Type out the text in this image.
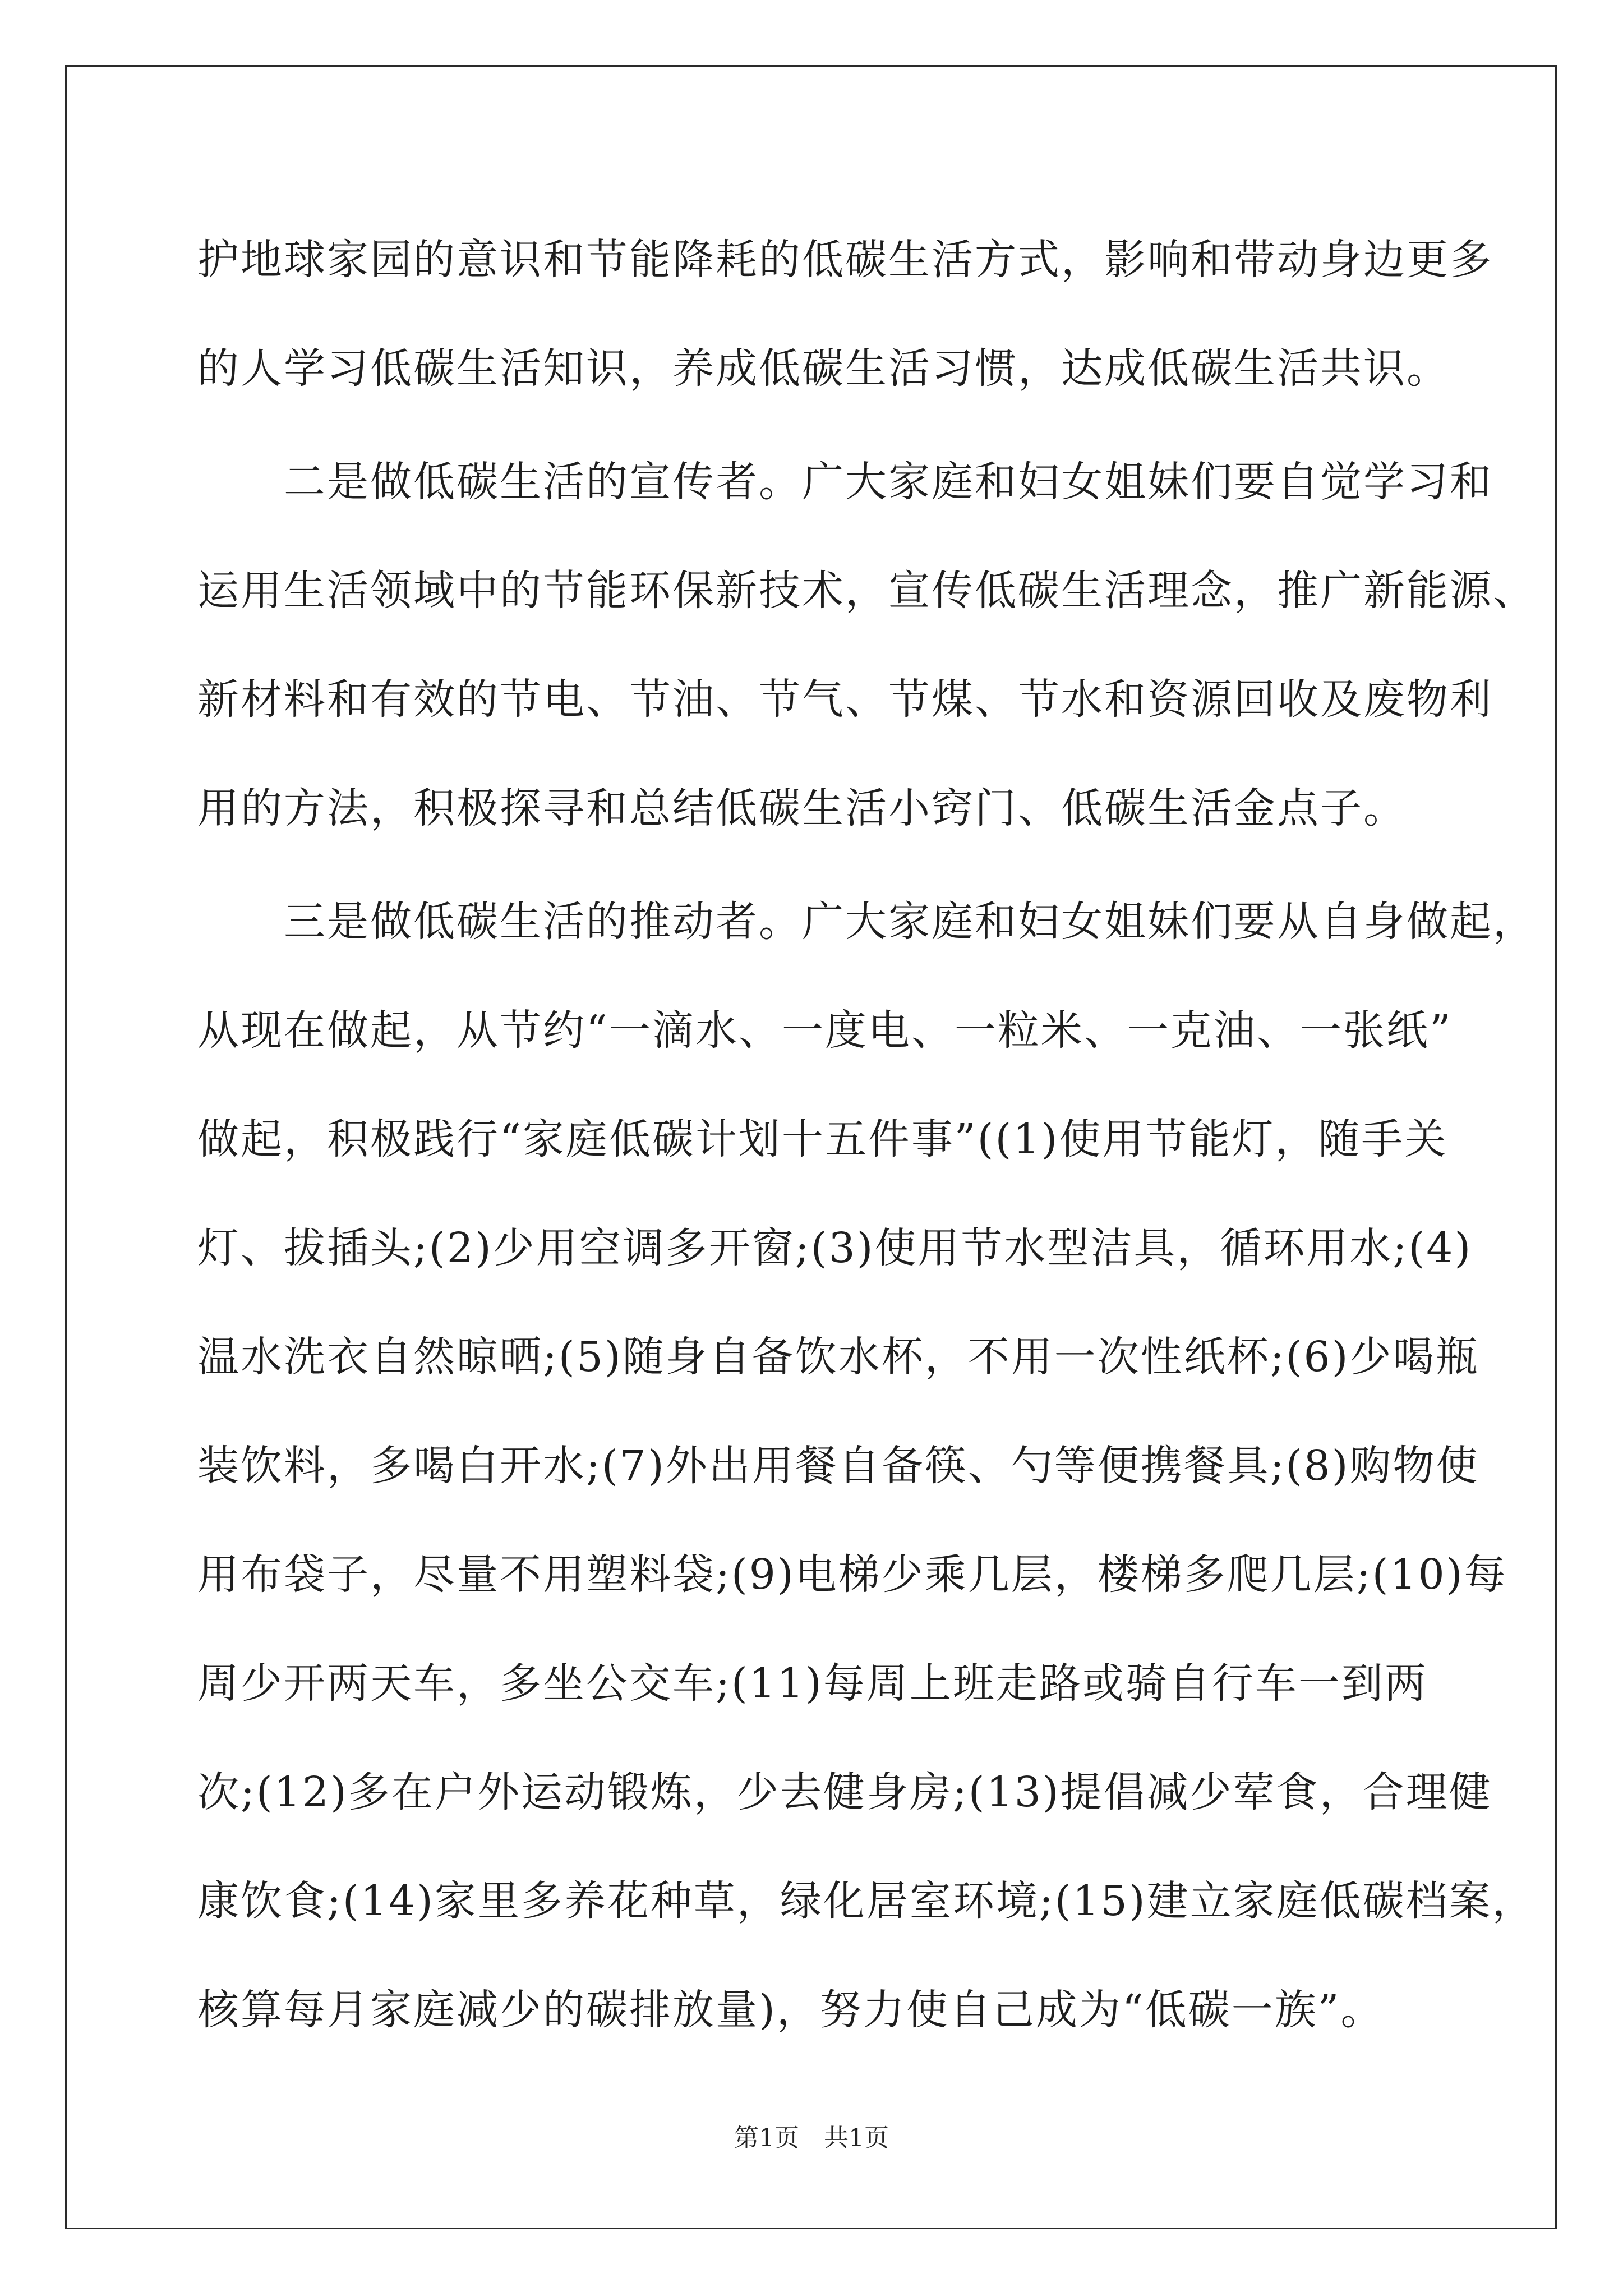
护地球家园的意识和节能降耗的低碳生活方式，影响和带动身边更多
的人学习低碳生活知识，养成低碳生活习惯，达成低碳生活共识。
　　二是做低碳生活的宣传者。广大家庭和妇女姐妹们要自觉学习和
运用生活领域中的节能环保新技术，宣传低碳生活理念，推广新能源、
新材料和有效的节电、节油、节气、节煤、节水和资源回收及废物利
用的方法，积极探寻和总结低碳生活小窍门、低碳生活金点子。
　　三是做低碳生活的推动者。广大家庭和妇女姐妹们要从自身做起，
从现在做起，从节约“一滴水、一度电、一粒米、一克油、一张纸”
做起，积极践行“家庭低碳计划十五件事”((1)使用节能灯，随手关
灯、拔插头;(2)少用空调多开窗;(3)使用节水型洁具，循环用水;(4)
温水洗衣自然晾晒;(5)随身自备饮水杯，不用一次性纸杯;(6)少喝瓶
装饮料，多喝白开水;(7)外出用餐自备筷、勺等便携餐具;(8)购物使
用布袋子，尽量不用塑料袋;(9)电梯少乘几层，楼梯多爬几层;(10)每
周少开两天车，多坐公交车;(11)每周上班走路或骑自行车一到两
次;(12)多在户外运动锻炼，少去健身房;(13)提倡减少荤食，合理健
康饮食;(14)家里多养花种草，绿化居室环境;(15)建立家庭低碳档案，
核算每月家庭减少的碳排放量)，努力使自己成为“低碳一族”。
第1页　共1页
